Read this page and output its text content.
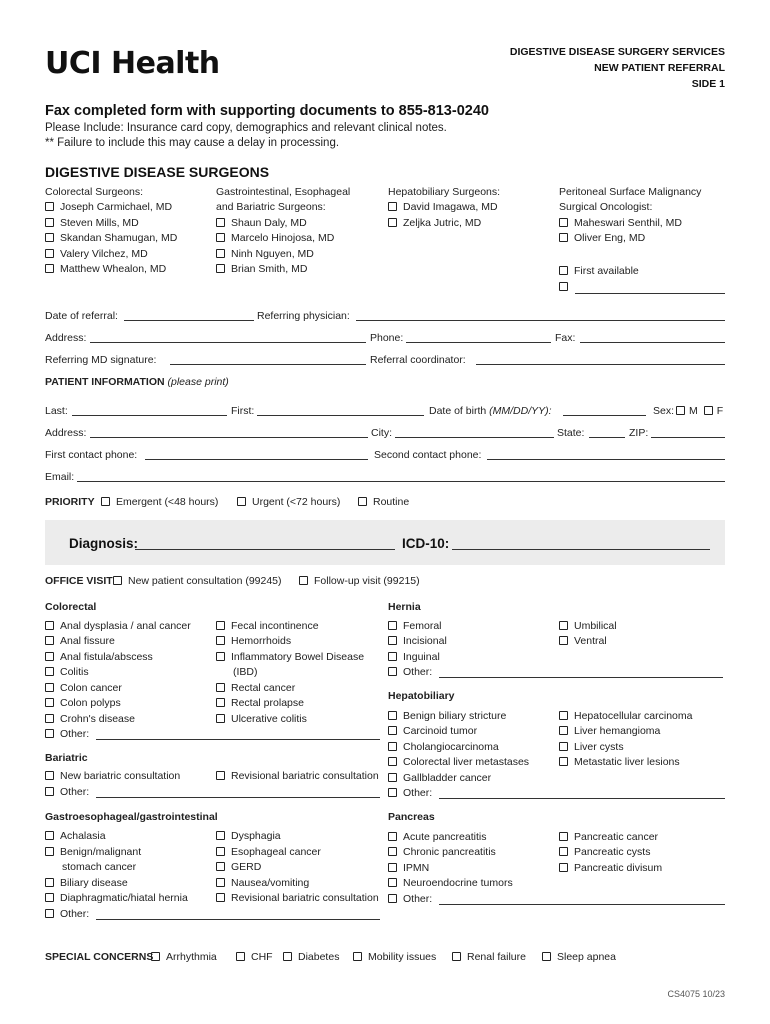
UCI Health	DIGESTIVE DISEASE SURGERY SERVICES
NEW PATIENT REFERRAL
SIDE 1
Fax completed form with supporting documents to 855-813-0240
Please Include: Insurance card copy, demographics and relevant clinical notes.
** Failure to include this may cause a delay in processing.
DIGESTIVE DISEASE SURGEONS
Colorectal Surgeons:
Joseph Carmichael, MD
Steven Mills, MD
Skandan Shamugan, MD
Valery Vilchez, MD
Matthew Whealon, MD
Gastrointestinal, Esophageal
and Bariatric Surgeons:
Shaun Daly, MD
Marcelo Hinojosa, MD
Ninh Nguyen, MD
Brian Smith, MD
Hepatobiliary Surgeons:
David Imagawa, MD
Zeljka Jutric, MD
Peritoneal Surface Malignancy
Surgical Oncologist:
Maheswari Senthil, MD
Oliver Eng, MD
First available
Date of referral:	Referring physician:
Address:	Phone:	Fax:
Referring MD signature:	Referral coordinator:
PATIENT INFORMATION (please print)
Last:	First:	Date of birth (MM/DD/YY):	Sex: M F
Address:	City:	State:	ZIP:
First contact phone:	Second contact phone:
Email:
PRIORITY	Emergent (<48 hours)	Urgent (<72 hours)	Routine
Diagnosis:	ICD-10:
OFFICE VISIT	New patient consultation (99245)	Follow-up visit (99215)
Colorectal
Anal dysplasia / anal cancer
Anal fissure
Anal fistula/abscess
Colitis
Colon cancer
Colon polyps
Crohn's disease
Other:
Fecal incontinence
Hemorrhoids
Inflammatory Bowel Disease
(IBD)
Rectal cancer
Rectal prolapse
Ulcerative colitis
Bariatric
New bariatric consultation	Revisional bariatric consultation
Other:
Gastroesophageal/gastrointestinal
Achalasia
Benign/malignant
stomach cancer
Biliary disease
Diaphragmatic/hiatal hernia
Other:
Dysphagia
Esophageal cancer
GERD
Nausea/vomiting
Revisional bariatric consultation
Hernia
Femoral
Incisional
Inguinal
Other:
Umbilical
Ventral
Hepatobiliary
Benign biliary stricture
Carcinoid tumor
Cholangiocarcinoma
Colorectal liver metastases
Gallbladder cancer
Other:
Hepatocellular carcinoma
Liver hemangioma
Liver cysts
Metastatic liver lesions
Pancreas
Acute pancreatitis
Chronic pancreatitis
IPMN
Neuroendocrine tumors
Other:
Pancreatic cancer
Pancreatic cysts
Pancreatic divisum
SPECIAL CONCERNS	Arrhythmia	CHF	Diabetes	Mobility issues	Renal failure	Sleep apnea
CS4075 10/23
